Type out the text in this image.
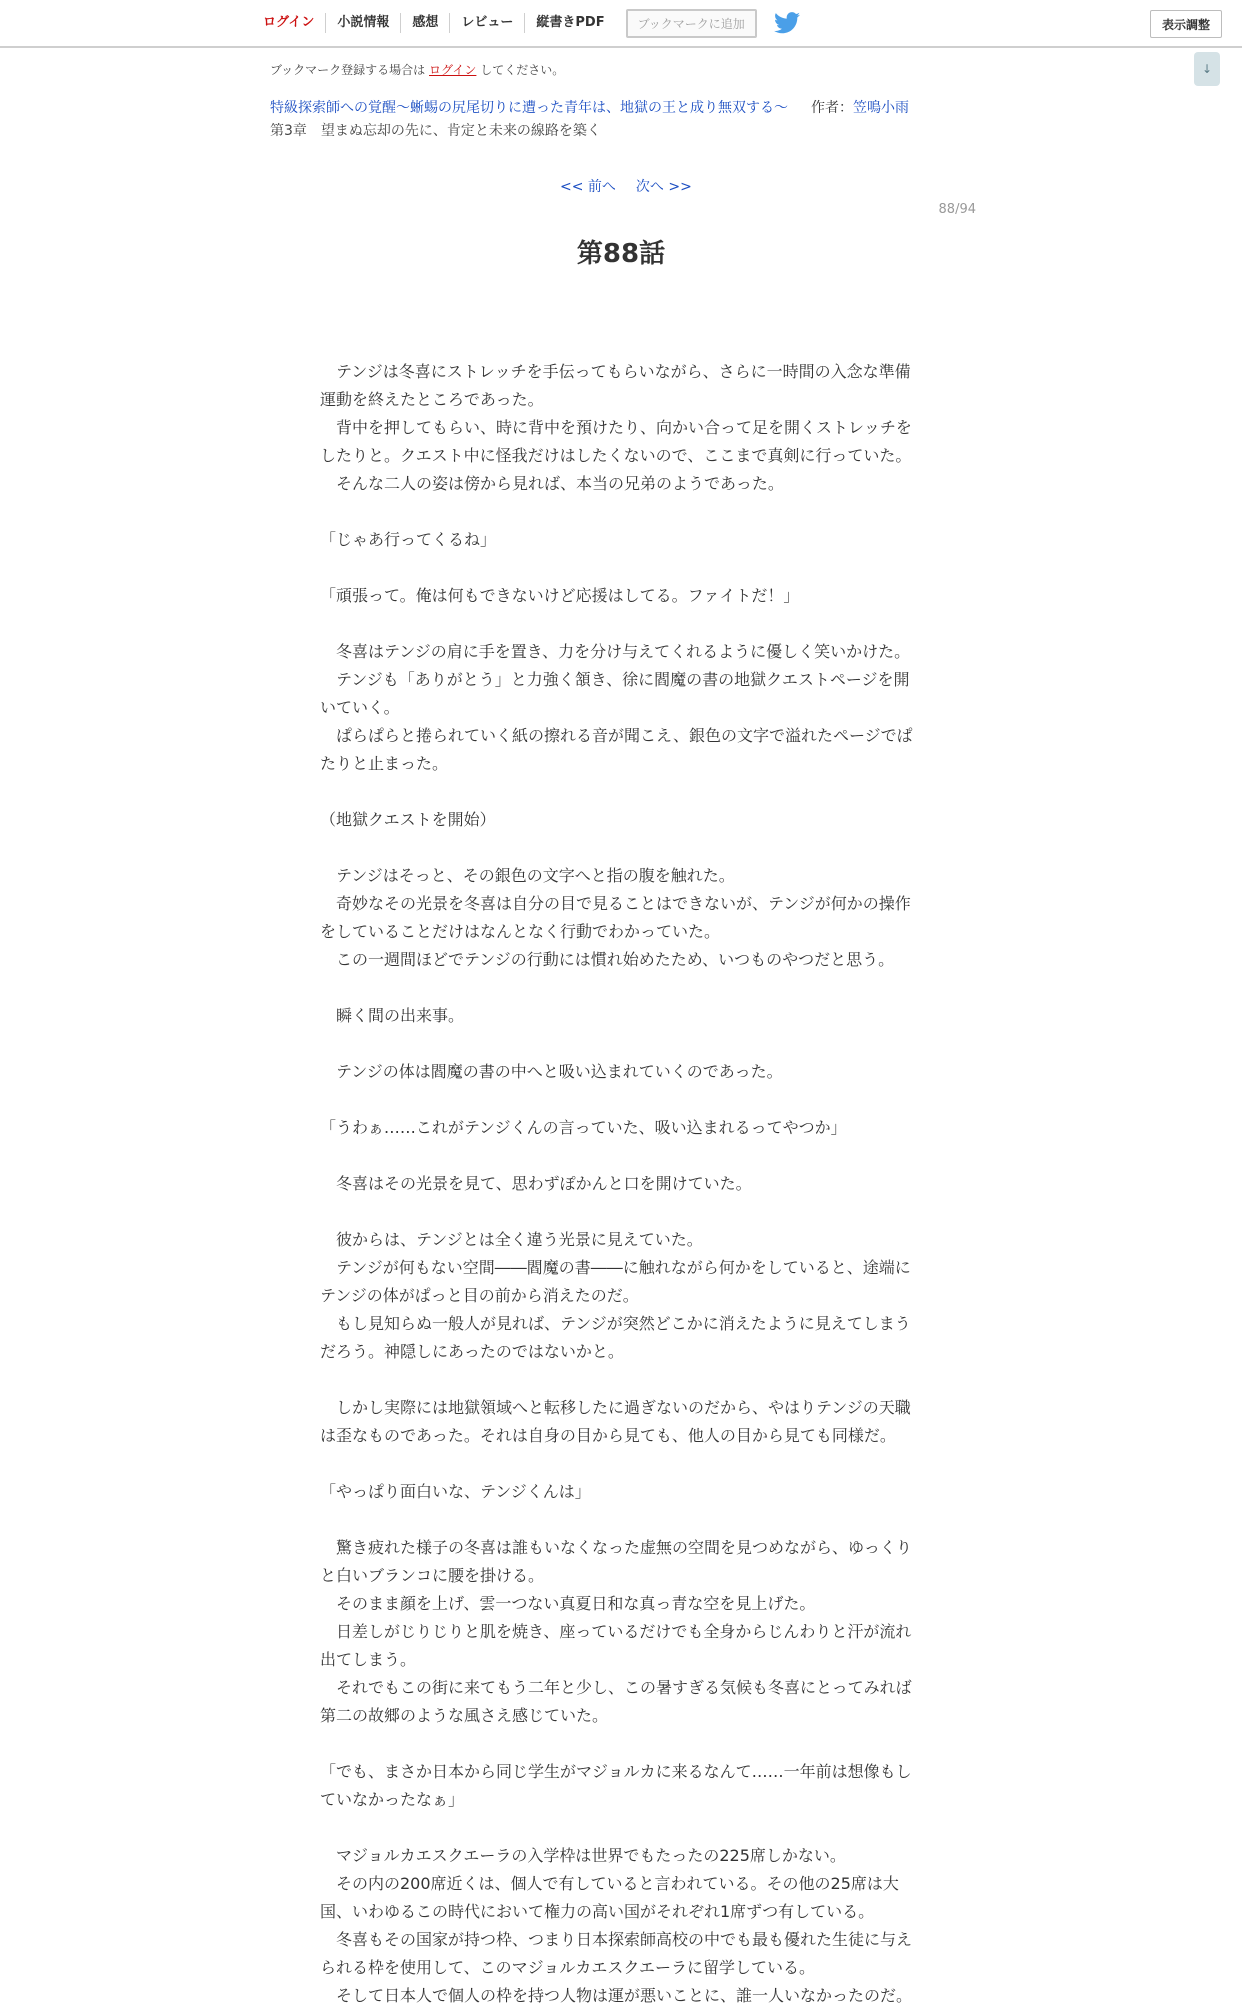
ログイン	小説情報	感想	レビュー	縦書きPDF	ブックマークに追加	表示調整
↓
ブックマーク登録する場合は ログイン してください。
特級探索師への覚醒～蜥蜴の尻尾切りに遭った青年は、地獄の王と成り無双する～ 作者：笠鳴小雨
第3章　望まぬ忘却の先に、肯定と未来の線路を築く
<< 前へ 次へ >>
88/94
第88話

　テンジは冬喜にストレッチを手伝ってもらいながら、さらに一時間の入念な準備運動を終えたところであった。

　背中を押してもらい、時に背中を預けたり、向かい合って足を開くストレッチをしたりと。クエスト中に怪我だけはしたくないので、ここまで真剣に行っていた。

　そんな二人の姿は傍から見れば、本当の兄弟のようであった。

「じゃあ行ってくるね」

「頑張って。俺は何もできないけど応援はしてる。ファイトだ！」

　冬喜はテンジの肩に手を置き、力を分け与えてくれるように優しく笑いかけた。

　テンジも「ありがとう」と力強く頷き、徐に閻魔の書の地獄クエストページを開いていく。

　ぱらぱらと捲られていく紙の擦れる音が聞こえ、銀色の文字で溢れたページでぱたりと止まった。

（地獄クエストを開始）

　テンジはそっと、その銀色の文字へと指の腹を触れた。

　奇妙なその光景を冬喜は自分の目で見ることはできないが、テンジが何かの操作をしていることだけはなんとなく行動でわかっていた。

　この一週間ほどでテンジの行動には慣れ始めたため、いつものやつだと思う。

　瞬く間の出来事。

　テンジの体は閻魔の書の中へと吸い込まれていくのであった。

「うわぁ……これがテンジくんの言っていた、吸い込まれるってやつか」

　冬喜はその光景を見て、思わずぽかんと口を開けていた。

　彼からは、テンジとは全く違う光景に見えていた。

　テンジが何もない空間――閻魔の書――に触れながら何かをしていると、途端にテンジの体がぱっと目の前から消えたのだ。

　もし見知らぬ一般人が見れば、テンジが突然どこかに消えたように見えてしまうだろう。神隠しにあったのではないかと。

　しかし実際には地獄領域へと転移したに過ぎないのだから、やはりテンジの天職は歪なものであった。それは自身の目から見ても、他人の目から見ても同様だ。

「やっぱり面白いな、テンジくんは」

　驚き疲れた様子の冬喜は誰もいなくなった虚無の空間を見つめながら、ゆっくりと白いブランコに腰を掛ける。

　そのまま顔を上げ、雲一つない真夏日和な真っ青な空を見上げた。

　日差しがじりじりと肌を焼き、座っているだけでも全身からじんわりと汗が流れ出てしまう。

　それでもこの街に来てもう二年と少し、この暑すぎる気候も冬喜にとってみれば第二の故郷のような風さえ感じていた。

「でも、まさか日本から同じ学生がマジョルカに来るなんて……一年前は想像もしていなかったなぁ」

　マジョルカエスクエーラの入学枠は世界でもたったの225席しかない。

　その内の200席近くは、個人で有していると言われている。その他の25席は大国、いわゆるこの時代において権力の高い国がそれぞれ1席ずつ有している。

　冬喜もその国家が持つ枠、つまり日本探索師高校の中でも最も優れた生徒に与えられる枠を使用して、このマジョルカエスクエーラに留学している。

　そして日本人で個人の枠を持つ人物は運が悪いことに、誰一人いなかったのだ。
